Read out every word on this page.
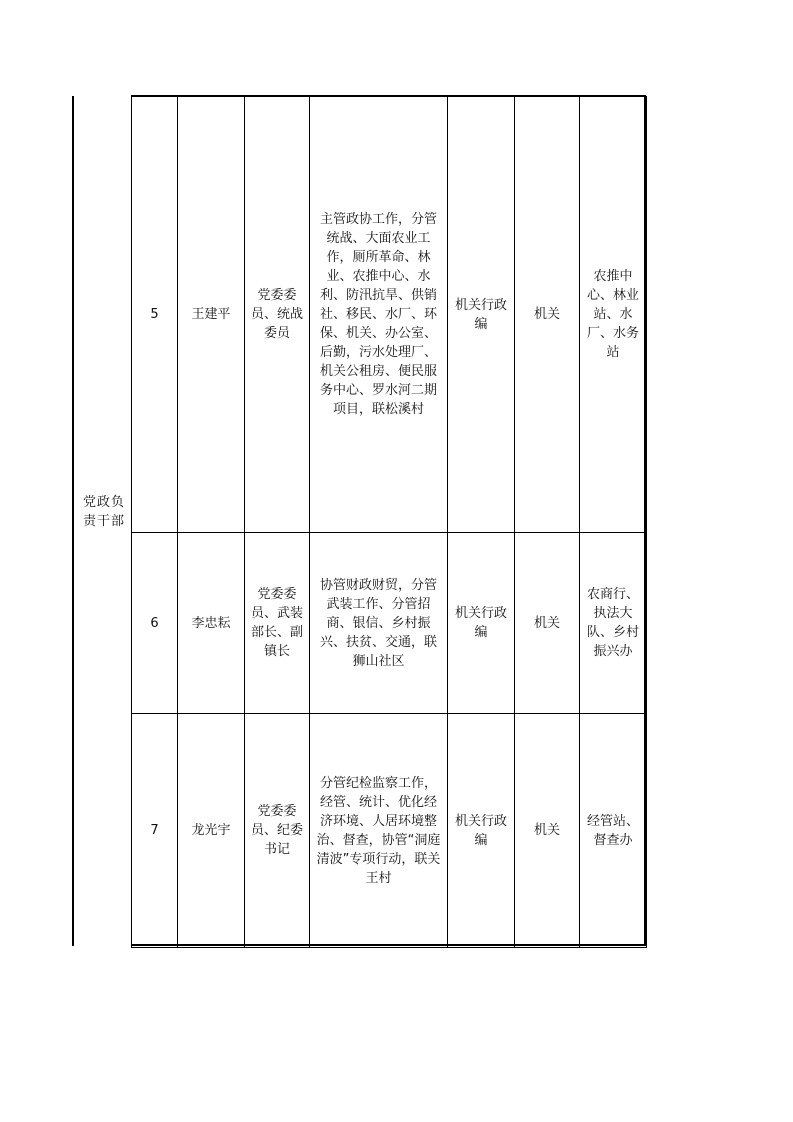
党政负责干部
5	王建平	党委委员、统战委员	主管政协工作，分管统战、大面农业工作，厕所革命、林业、农推中心、水利、防汛抗旱、供销社、移民、水厂、环保、机关、办公室、后勤，污水处理厂、机关公租房、便民服务中心、罗水河二期项目，联松溪村	机关行政编	机关	农推中心、林业站、水厂、水务站
6	李忠耘	党委委员、武装部长、副镇长	协管财政财贸，分管武装工作、分管招商、银信、乡村振兴、扶贫、交通，联狮山社区	机关行政编	机关	农商行、执法大队、乡村振兴办
7	龙光宇	党委委员、纪委书记	分管纪检监察工作，经管、统计、优化经济环境、人居环境整治、督查，协管“洞庭清波”专项行动，联关王村	机关行政编	机关	经管站、督查办
